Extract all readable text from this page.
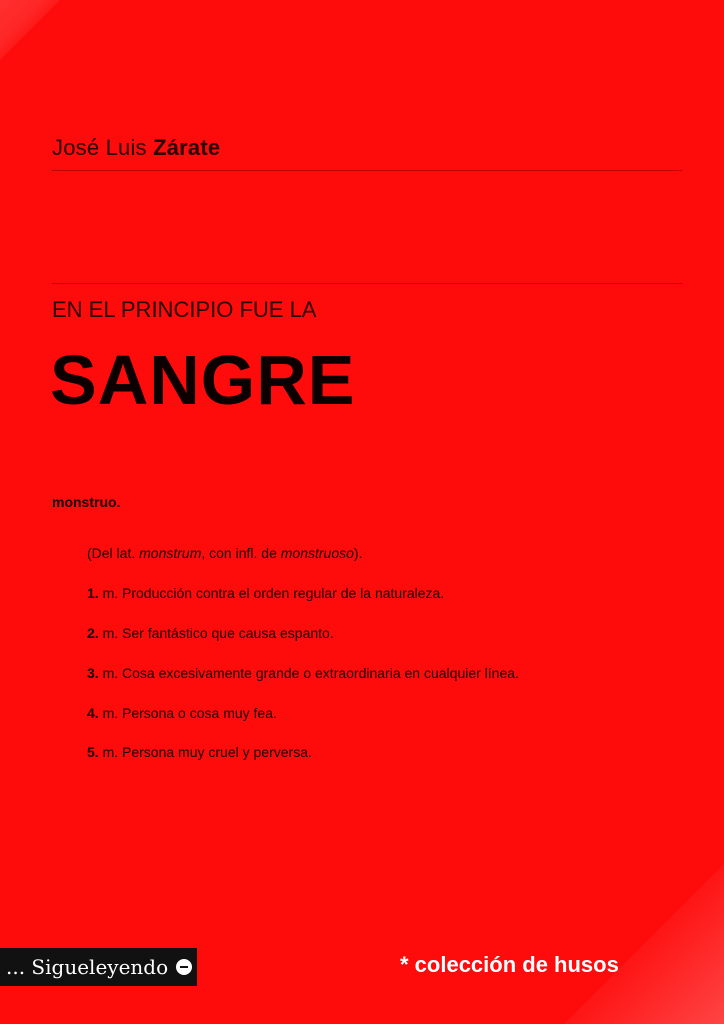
José Luis Zárate
EN EL PRINCIPIO FUE LA
SANGRE
monstruo.
(Del lat. monstrum, con infl. de monstruoso).
1. m. Producción contra el orden regular de la naturaleza.
2. m. Ser fantástico que causa espanto.
3. m. Cosa excesivamente grande o extraordinaria en cualquier línea.
4. m. Persona o cosa muy fea.
5. m. Persona muy cruel y perversa.
... Sigueleyendo	* colección de husos
